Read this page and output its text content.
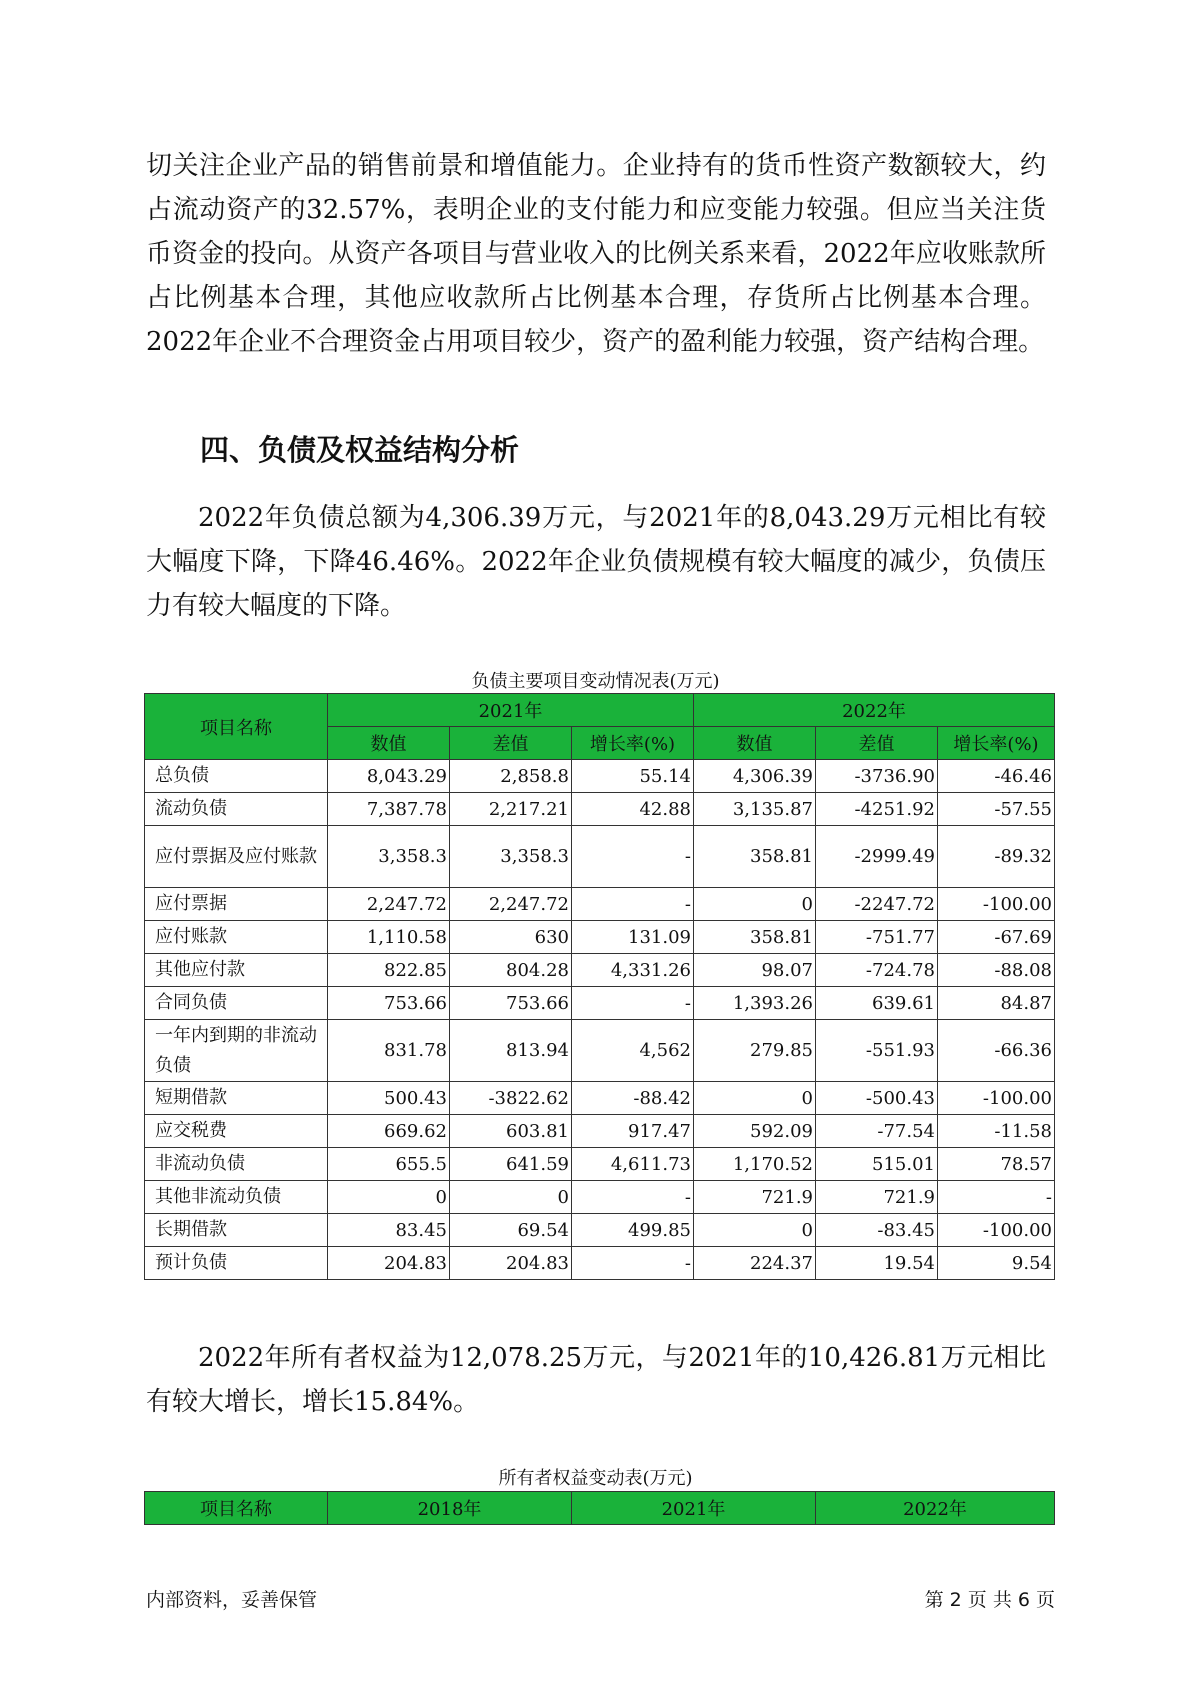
切关注企业产品的销售前景和增值能力。企业持有的货币性资产数额较大，约占流动资产的32.57%，表明企业的支付能力和应变能力较强。但应当关注货币资金的投向。从资产各项目与营业收入的比例关系来看，2022年应收账款所占比例基本合理，其他应收款所占比例基本合理，存货所占比例基本合理。2022年企业不合理资金占用项目较少，资产的盈利能力较强，资产结构合理。

四、负债及权益结构分析

2022年负债总额为4,306.39万元，与2021年的8,043.29万元相比有较大幅度下降，下降46.46%。2022年企业负债规模有较大幅度的减少，负债压力有较大幅度的下降。

负债主要项目变动情况表(万元)
项目名称	2021年			2022年		
	数值	差值	增长率(%)	数值	差值	增长率(%)
总负债	8,043.29	2,858.8	55.14	4,306.39	-3736.90	-46.46
流动负债	7,387.78	2,217.21	42.88	3,135.87	-4251.92	-57.55
应付票据及应付账款	3,358.3	3,358.3	-	358.81	-2999.49	-89.32
应付票据	2,247.72	2,247.72	-	0	-2247.72	-100.00
应付账款	1,110.58	630	131.09	358.81	-751.77	-67.69
其他应付款	822.85	804.28	4,331.26	98.07	-724.78	-88.08
合同负债	753.66	753.66	-	1,393.26	639.61	84.87
一年内到期的非流动负债	831.78	813.94	4,562	279.85	-551.93	-66.36
短期借款	500.43	-3822.62	-88.42	0	-500.43	-100.00
应交税费	669.62	603.81	917.47	592.09	-77.54	-11.58
非流动负债	655.5	641.59	4,611.73	1,170.52	515.01	78.57
其他非流动负债	0	0	-	721.9	721.9	-
长期借款	83.45	69.54	499.85	0	-83.45	-100.00
预计负债	204.83	204.83	-	224.37	19.54	9.54

2022年所有者权益为12,078.25万元，与2021年的10,426.81万元相比有较大增长，增长15.84%。

所有者权益变动表(万元)
项目名称	2018年	2021年	2022年
内部资料，妥善保管	第 2 页 共 6 页
